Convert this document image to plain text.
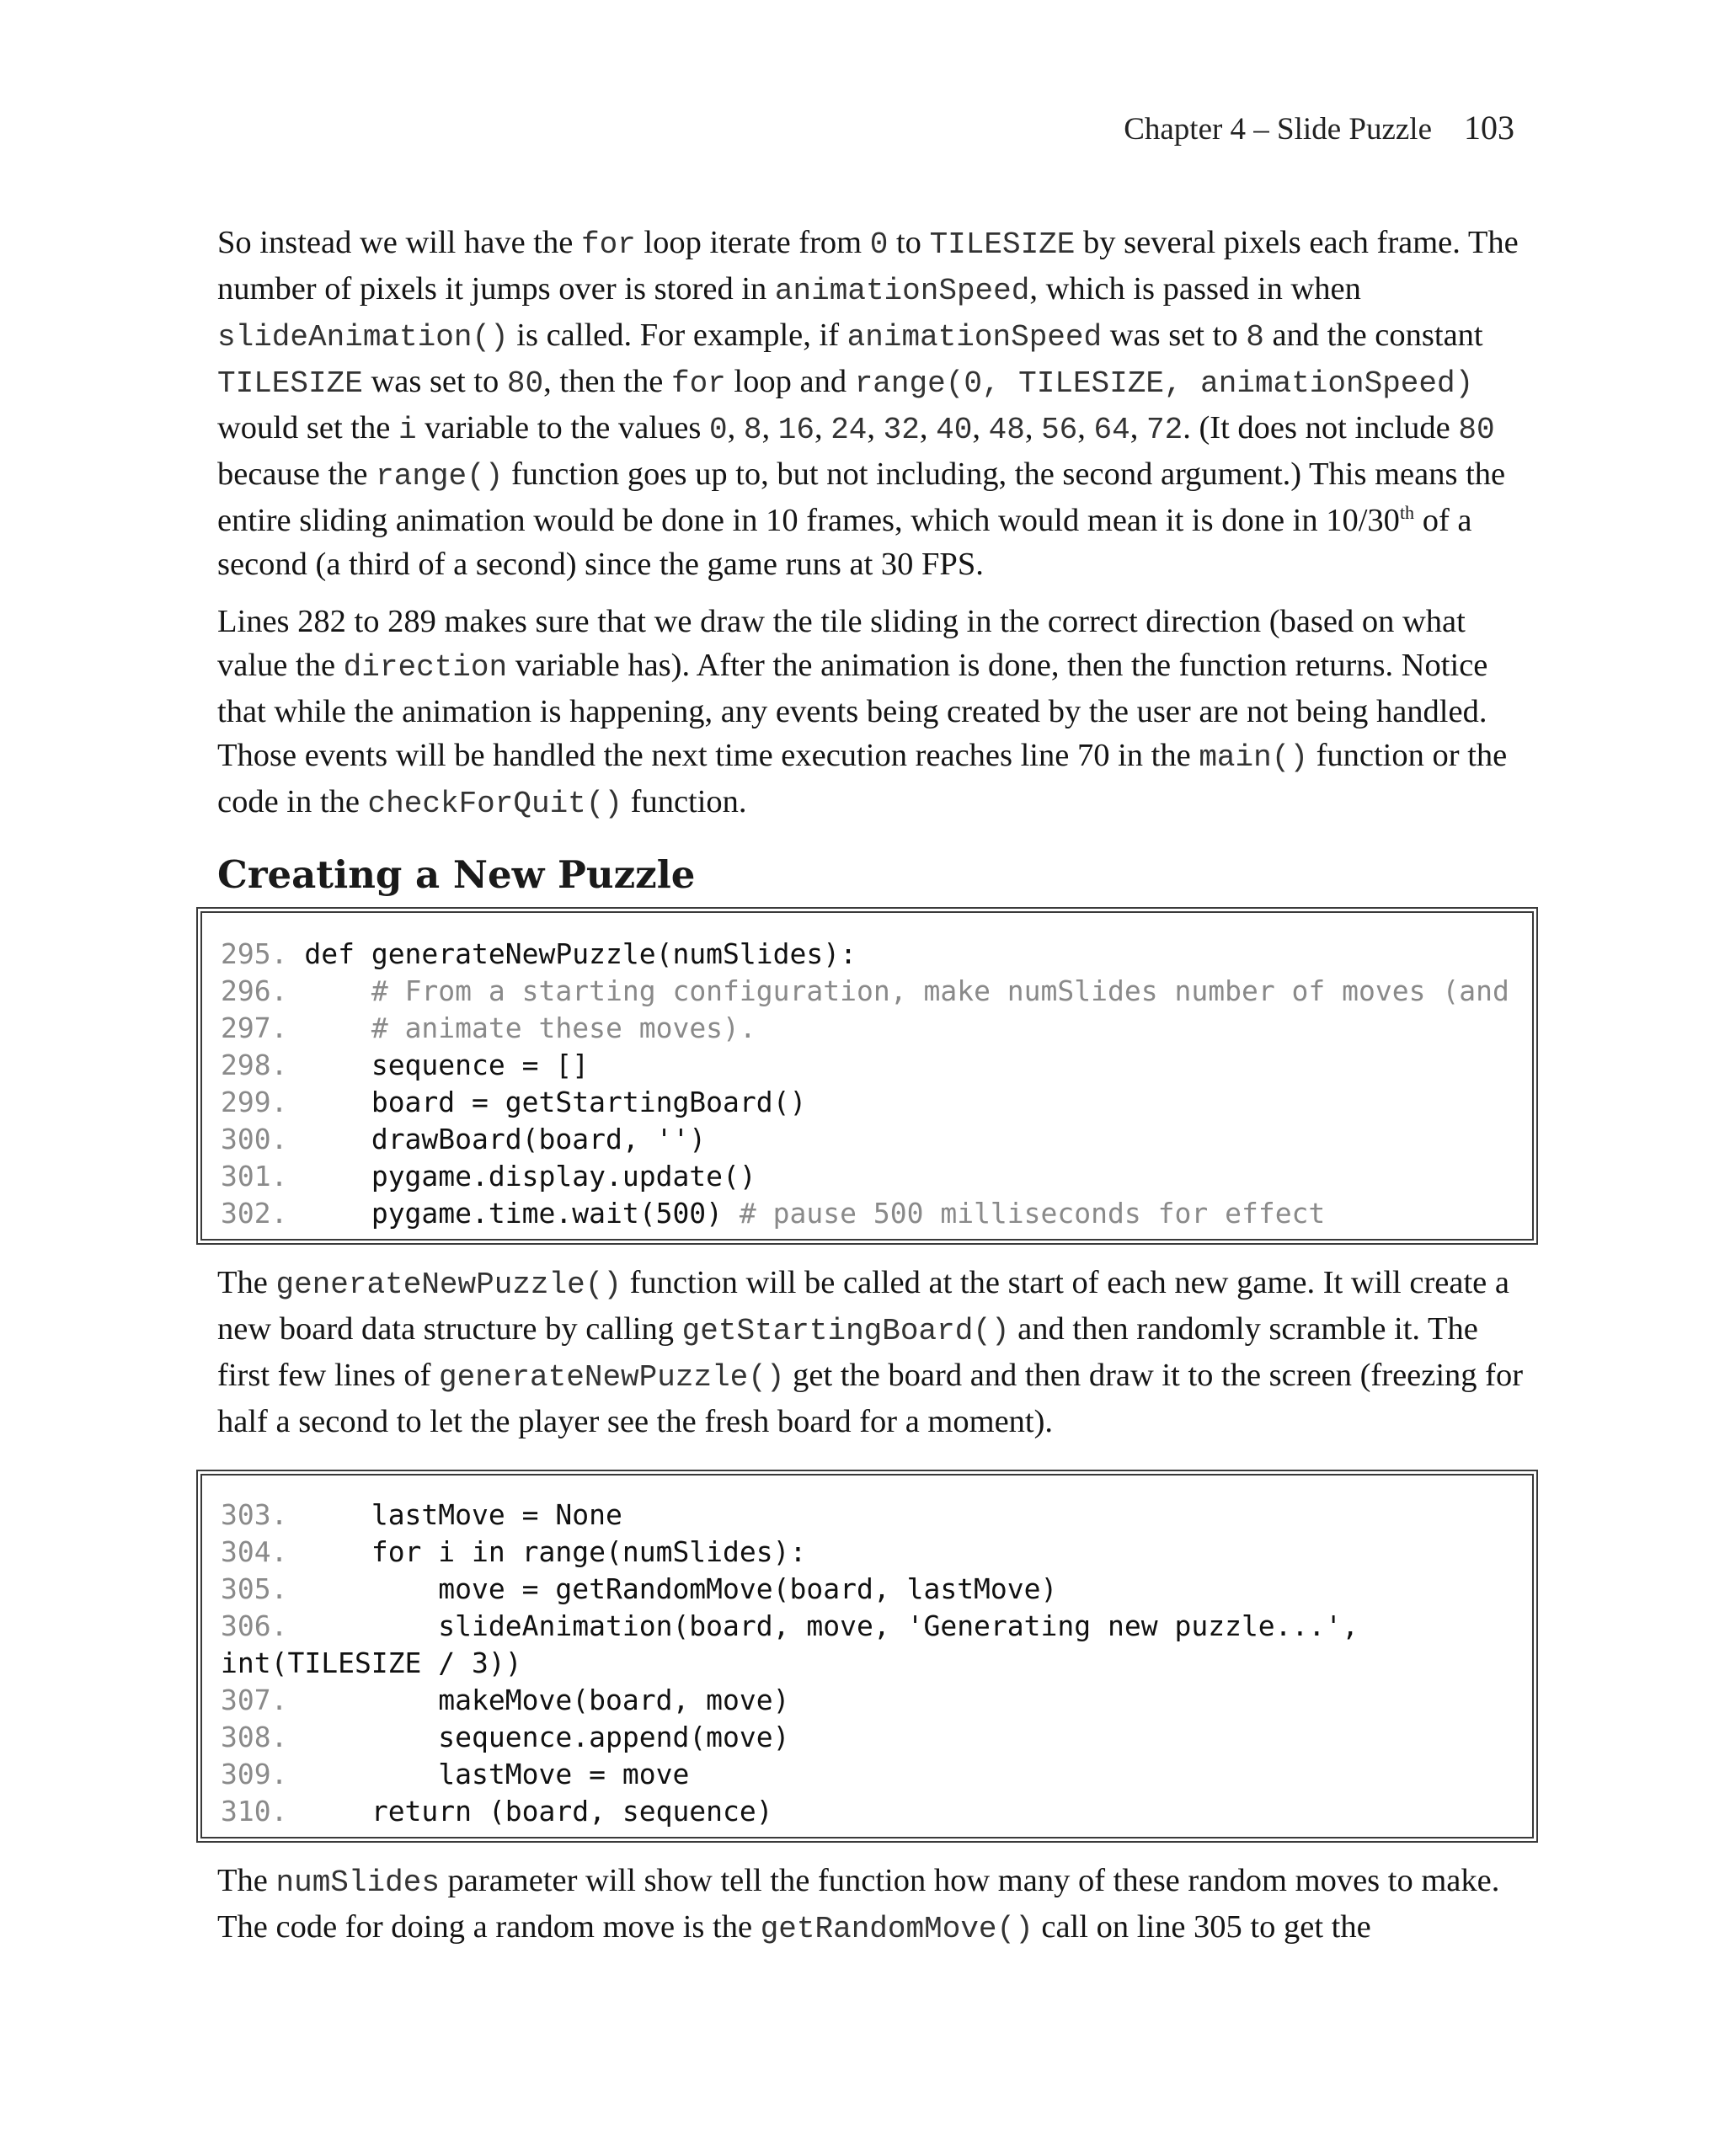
Chapter 4 – Slide Puzzle 103

So instead we will have the for loop iterate from 0 to TILESIZE by several pixels each frame. The number of pixels it jumps over is stored in animationSpeed, which is passed in when slideAnimation() is called. For example, if animationSpeed was set to 8 and the constant TILESIZE was set to 80, then the for loop and range(0, TILESIZE, animationSpeed) would set the i variable to the values 0, 8, 16, 24, 32, 40, 48, 56, 64, 72. (It does not include 80 because the range() function goes up to, but not including, the second argument.) This means the entire sliding animation would be done in 10 frames, which would mean it is done in 10/30th of a second (a third of a second) since the game runs at 30 FPS.

Lines 282 to 289 makes sure that we draw the tile sliding in the correct direction (based on what value the direction variable has). After the animation is done, then the function returns. Notice that while the animation is happening, any events being created by the user are not being handled. Those events will be handled the next time execution reaches line 70 in the main() function or the code in the checkForQuit() function.

Creating a New Puzzle
295. def generateNewPuzzle(numSlides):
296.	# From a starting configuration, make numSlides number of moves (and
297.	# animate these moves).
298.     sequence = []
299.     board = getStartingBoard()
300.     drawBoard(board, '')
301.     pygame.display.update()
302.     pygame.time.wait(500) # pause 500 milliseconds for effect

The generateNewPuzzle() function will be called at the start of each new game. It will create a new board data structure by calling getStartingBoard() and then randomly scramble it. The first few lines of generateNewPuzzle() get the board and then draw it to the screen (freezing for half a second to let the player see the fresh board for a moment).

303.     lastMove = None
304.     for i in range(numSlides):
305.         move = getRandomMove(board, lastMove)
306.         slideAnimation(board, move, 'Generating new puzzle...',
int(TILESIZE / 3))
307.         makeMove(board, move)
308.         sequence.append(move)
309.         lastMove = move
310.     return (board, sequence)

The numSlides parameter will show tell the function how many of these random moves to make. The code for doing a random move is the getRandomMove() call on line 305 to get the
